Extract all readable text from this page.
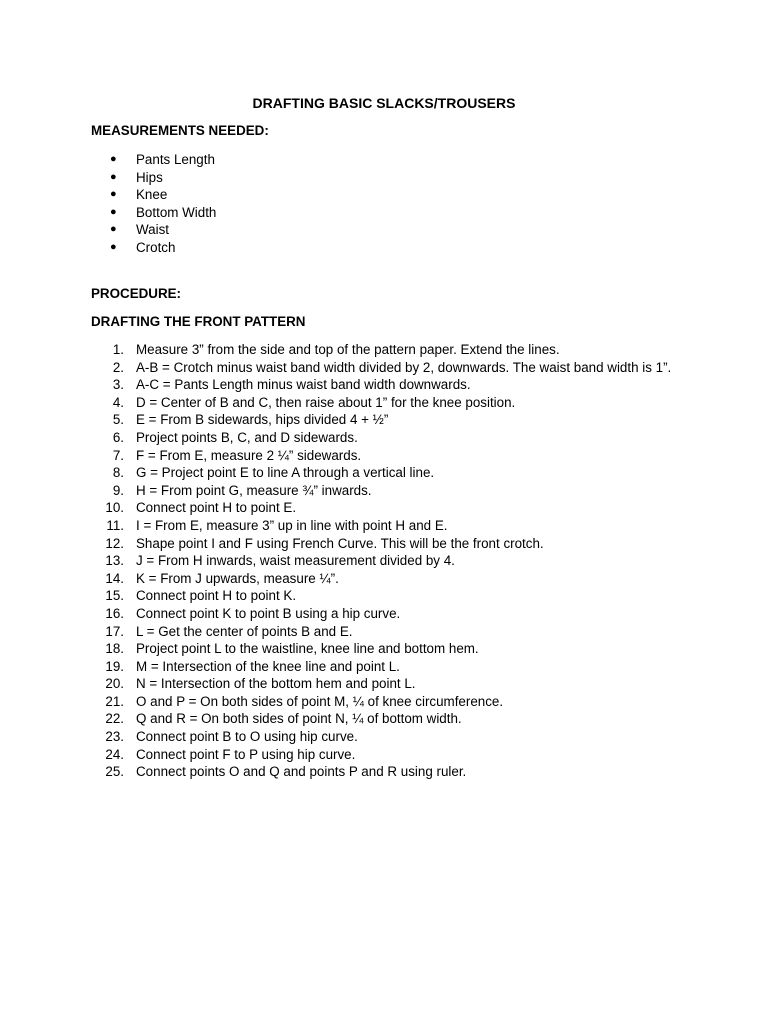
DRAFTING BASIC SLACKS/TROUSERS
MEASUREMENTS NEEDED:
● Pants Length
● Hips
● Knee
● Bottom Width
● Waist
● Crotch
PROCEDURE:
DRAFTING THE FRONT PATTERN
1. Measure 3” from the side and top of the pattern paper. Extend the lines.
2. A-B = Crotch minus waist band width divided by 2, downwards. The waist band width is 1”.
3. A-C = Pants Length minus waist band width downwards.
4. D = Center of B and C, then raise about 1” for the knee position.
5. E = From B sidewards, hips divided 4 + ½”
6. Project points B, C, and D sidewards.
7. F = From E, measure 2 ¼” sidewards.
8. G = Project point E to line A through a vertical line.
9. H = From point G, measure ¾” inwards.
10. Connect point H to point E.
11. I = From E, measure 3” up in line with point H and E.
12. Shape point I and F using French Curve. This will be the front crotch.
13. J = From H inwards, waist measurement divided by 4.
14. K = From J upwards, measure ¼”.
15. Connect point H to point K.
16. Connect point K to point B using a hip curve.
17. L = Get the center of points B and E.
18. Project point L to the waistline, knee line and bottom hem.
19. M = Intersection of the knee line and point L.
20. N = Intersection of the bottom hem and point L.
21. O and P = On both sides of point M, ¼ of knee circumference.
22. Q and R = On both sides of point N, ¼ of bottom width.
23. Connect point B to O using hip curve.
24. Connect point F to P using hip curve.
25. Connect points O and Q and points P and R using ruler.
